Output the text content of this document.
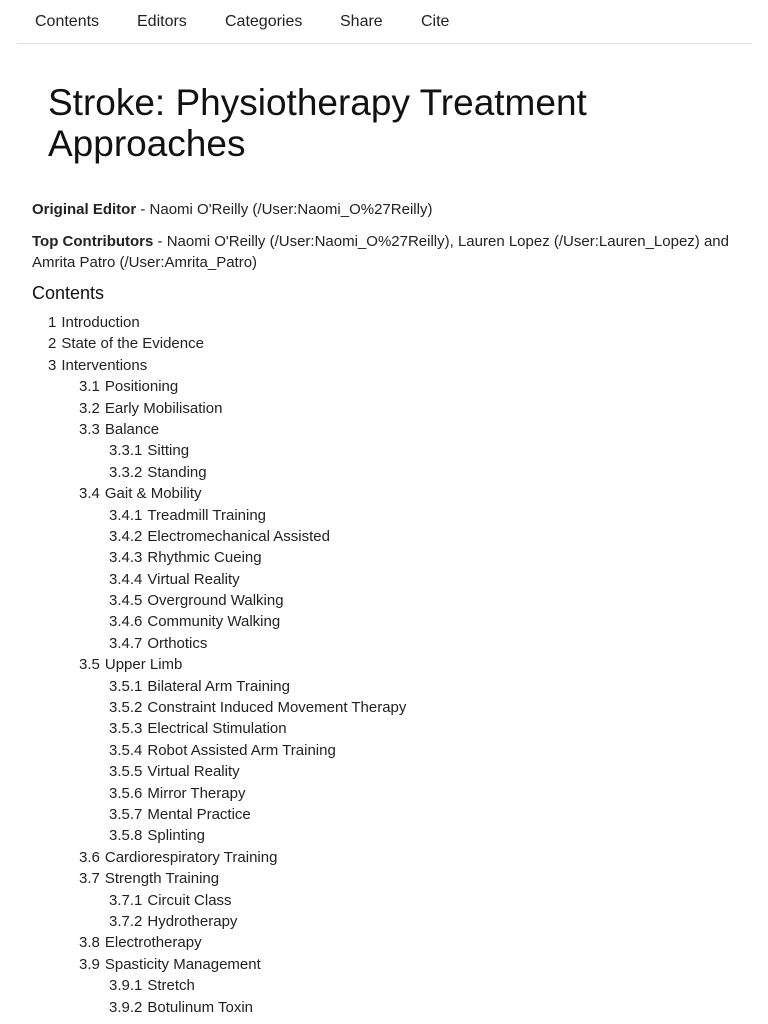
Contents Editors Categories Share Cite
Stroke: Physiotherapy Treatment Approaches

Original Editor - Naomi O'Reilly (/User:Naomi_O%27Reilly)

Top Contributors - Naomi O'Reilly (/User:Naomi_O%27Reilly), Lauren Lopez (/User:Lauren_Lopez) and Amrita Patro (/User:Amrita_Patro)

Contents
1 Introduction
2 State of the Evidence
3 Interventions
3.1 Positioning
3.2 Early Mobilisation
3.3 Balance
3.3.1 Sitting
3.3.2 Standing
3.4 Gait & Mobility
3.4.1 Treadmill Training
3.4.2 Electromechanical Assisted
3.4.3 Rhythmic Cueing
3.4.4 Virtual Reality
3.4.5 Overground Walking
3.4.6 Community Walking
3.4.7 Orthotics
3.5 Upper Limb
3.5.1 Bilateral Arm Training
3.5.2 Constraint Induced Movement Therapy
3.5.3 Electrical Stimulation
3.5.4 Robot Assisted Arm Training
3.5.5 Virtual Reality
3.5.6 Mirror Therapy
3.5.7 Mental Practice
3.5.8 Splinting
3.6 Cardiorespiratory Training
3.7 Strength Training
3.7.1 Circuit Class
3.7.2 Hydrotherapy
3.8 Electrotherapy
3.9 Spasticity Management
3.9.1 Stretch
3.9.2 Botulinum Toxin
